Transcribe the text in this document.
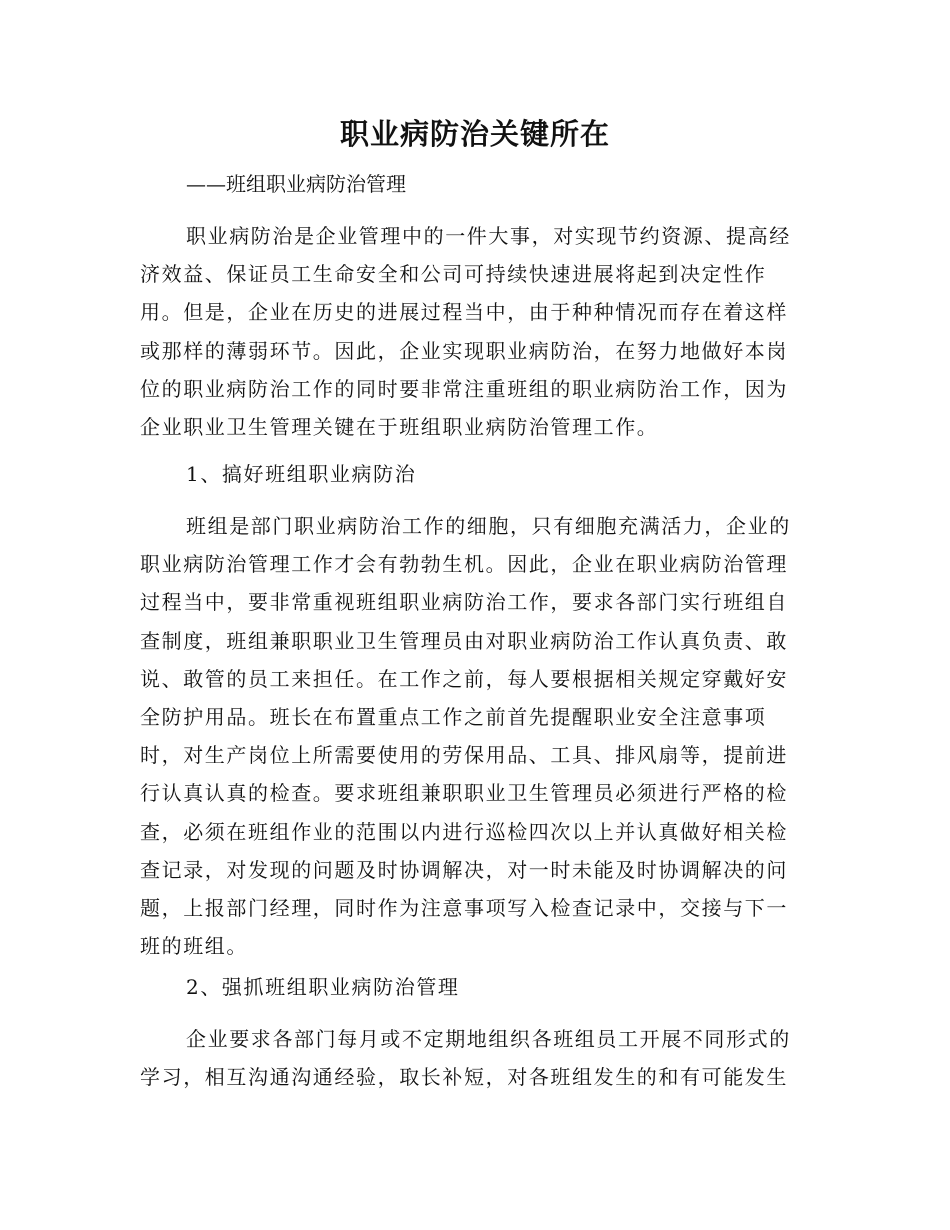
职业病防治关键所在

——班组职业病防治管理

职业病防治是企业管理中的一件大事，对实现节约资源、提高经
济效益、保证员工生命安全和公司可持续快速进展将起到决定性作
用。但是，企业在历史的进展过程当中，由于种种情况而存在着这样
或那样的薄弱环节。因此，企业实现职业病防治，在努力地做好本岗
位的职业病防治工作的同时要非常注重班组的职业病防治工作，因为
企业职业卫生管理关键在于班组职业病防治管理工作。

1、搞好班组职业病防治

班组是部门职业病防治工作的细胞，只有细胞充满活力，企业的
职业病防治管理工作才会有勃勃生机。因此，企业在职业病防治管理
过程当中，要非常重视班组职业病防治工作，要求各部门实行班组自
查制度，班组兼职职业卫生管理员由对职业病防治工作认真负责、敢
说、敢管的员工来担任。在工作之前，每人要根据相关规定穿戴好安
全防护用品。班长在布置重点工作之前首先提醒职业安全注意事项
时，对生产岗位上所需要使用的劳保用品、工具、排风扇等，提前进
行认真认真的检查。要求班组兼职职业卫生管理员必须进行严格的检
查，必须在班组作业的范围以内进行巡检四次以上并认真做好相关检
查记录，对发现的问题及时协调解决，对一时未能及时协调解决的问
题，上报部门经理，同时作为注意事项写入检查记录中，交接与下一
班的班组。

2、强抓班组职业病防治管理

企业要求各部门每月或不定期地组织各班组员工开展不同形式的
学习，相互沟通沟通经验，取长补短，对各班组发生的和有可能发生
